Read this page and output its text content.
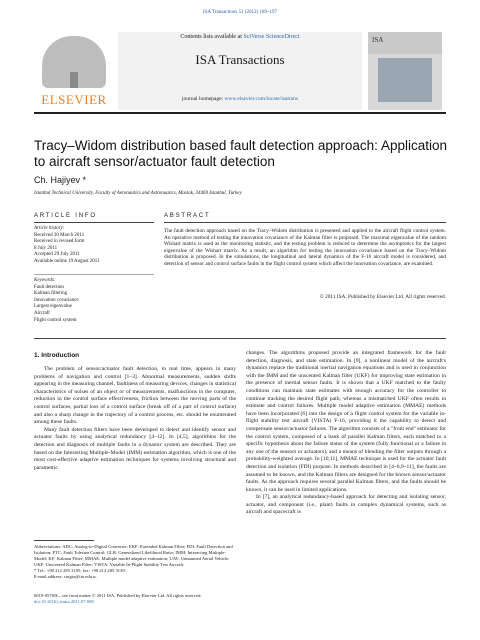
ISA Transactions 51 (2012) 189–197
ELSEVIER
Contents lists available at SciVerse ScienceDirect
ISA Transactions
journal homepage: www.elsevier.com/locate/isatrans
ISA
Tracy–Widom distribution based fault detection approach: Application to aircraft sensor/actuator fault detection
Ch. Hajiyev *
Istanbul Technical University, Faculty of Aeronautics and Astronautics, Maslak, 34469 Istanbul, Turkey
ARTICLE INFO	ABSTRACT
Article history:
Received 30 March 2011
Received in revised form
8 July 2011
Accepted 29 July 2011
Available online 19 August 2011
Keywords:
Fault detection
Kalman filtering
Innovation covariance
Largest eigenvalue
Aircraft
Flight control system
The fault detection approach based on the Tracy–Widom distribution is presented and applied to the aircraft flight control system. An operative method of testing the innovation covariance of the Kalman filter is proposed. The maximal eigenvalue of the random Wishart matrix is used as the monitoring statistic, and the testing problem is reduced to determine the asymptotics for the largest eigenvalue of the Wishart matrix. As a result, an algorithm for testing the innovation covariance based on the Tracy–Widom distribution is proposed. In the simulations, the longitudinal and lateral dynamics of the F-16 aircraft model is considered, and detection of sensor and control surface faults in the flight control system which affect the innovation covariance, are examined.
© 2011 ISA. Published by Elsevier Ltd. All rights reserved.
1. Introduction

The problem of sensor/actuator fault detection, in real time, appears in many problems of navigation and control [1–3]. Abnormal measurements, sudden shifts appearing in the measuring channel, faultiness of measuring devices, changes in statistical characteristics of noises of an object or of measurements, malfunctions in the computer, reduction in the control surface effectiveness, friction between the moving parts of the control surfaces, partial loss of a control surface (break off of a part of control surface) and also a sharp change in the trajectory of a control process, etc. should be enumerated among these faults.

Many fault detection filters have been developed to detect and identify sensor and actuator faults by using analytical redundancy [4–12]. In [4,5], algorithms for the detection and diagnosis of multiple faults in a dynamic system are described. They are based on the Interacting Multiple-Model (IMM) estimation algorithm, which is one of the most cost-effective adaptive estimation techniques for systems involving structural and parametric

changes. The algorithms proposed provide an integrated framework for the fault detection, diagnosis, and state estimation. In [9], a nonlinear model of the aircraft's dynamics replace the traditional inertial navigation equations and is used in conjunction with the IMM and the unscented Kalman filter (UKF) for improving state estimation in the presence of inertial sensor faults. It is shown that a UKF matched to the faulty conditions can maintain state estimates with enough accuracy for the controller to continue tracking the desired flight path, whereas a mismatched UKF often results in estimate and control failures. Multiple model adaptive estimation (MMAE) methods have been incorporated [6] into the design of a flight control system for the variable in-flight stability test aircraft (VISTA) F-16, providing it the capability to detect and compensate sensor/actuator failures. The algorithm consists of a "front end" estimator for the control system, composed of a bank of parallel Kalman filters, each matched to a specific hypothesis about the failure status of the system (fully functional or a failure in any one of the sensors or actuators), and a means of blending the filter outputs through a probability-weighted average. In [10,11], MMAE technique is used for the actuator fault detection and isolation (FDI) purpose. In methods described in [4–6,9–11], the faults are assumed to be known, and the Kalman filters are designed for the known sensor/actuator faults. As the approach requires several parallel Kalman filters, and the faults should be known, it can be used in limited applications.

In [7], an analytical redundancy-based approach for detecting and isolating sensor, actuator, and component (i.e., plant) faults in complex dynamical systems, such as aircraft and spacecraft is

Abbreviations: ADC: Analog-to-Digital Converter; EKF: Extended Kalman Filter; FDI: Fault Detection and Isolation; FTC: Fault Tolerant Control; GLR: Generalized Likelihood Ratio; IMM: Interacting Multiple-Model; KF: Kalman Filter; MMAE: Multiple model adaptive estimation; UAV: Unmanned Aerial Vehicle; UKF: Unscented Kalman Filter; VISTA: Variable In-Flight Stability Test Aircraft.

* Tel.: +90 212 285 3105; fax: +90 212 285 3139.

E-mail address: cingiz@itu.edu.tr.

0019-0578/$ – see front matter © 2011 ISA. Published by Elsevier Ltd. All rights reserved.
doi:10.1016/j.isatra.2011.07.008
